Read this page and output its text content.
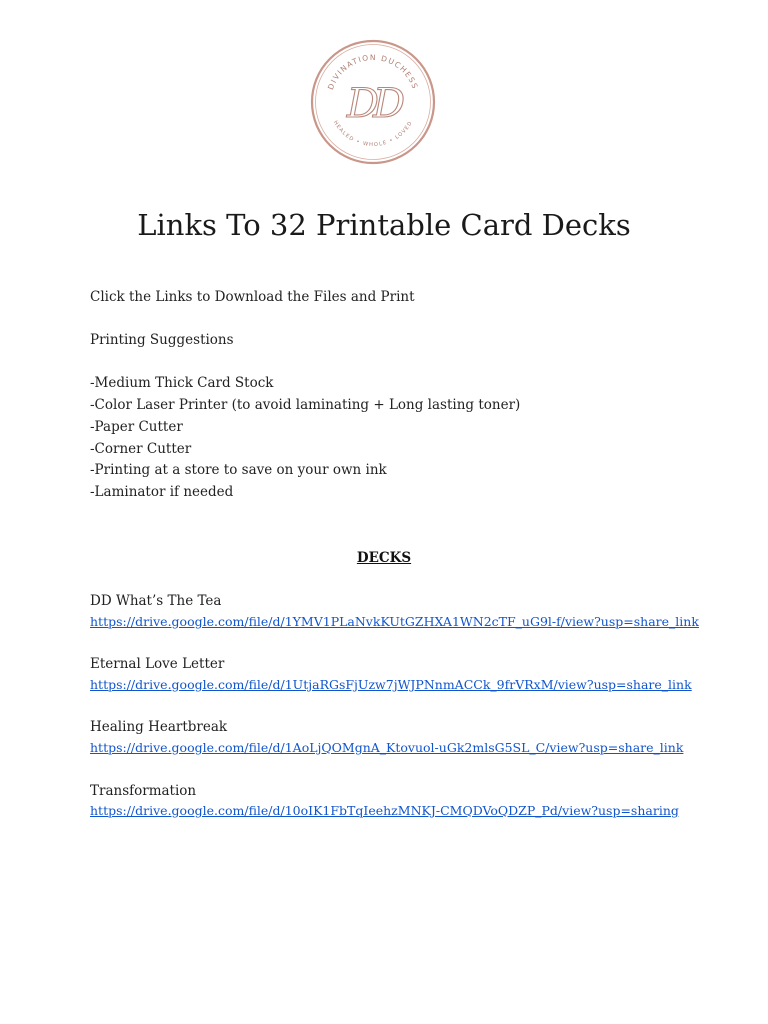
DIVINATION DUCHESS
HEALED • WHOLE • LOVED
DD
Links To 32 Printable Card Decks

Click the Links to Download the Files and Print

Printing Suggestions

-Medium Thick Card Stock

-Color Laser Printer (to avoid laminating + Long lasting toner)

-Paper Cutter

-Corner Cutter

-Printing at a store to save on your own ink

-Laminator if needed

DECKS

DD What’s The Tea

https://drive.google.com/file/d/1YMV1PLaNvkKUtGZHXA1WN2cTF_uG9l-f/view?usp=share_link

Eternal Love Letter

https://drive.google.com/file/d/1UtjaRGsFjUzw7jWJPNnmACCk_9frVRxM/view?usp=share_link

Healing Heartbreak

https://drive.google.com/file/d/1AoLjQOMgnA_Ktovuol-uGk2mlsG5SL_C/view?usp=share_link

Transformation

https://drive.google.com/file/d/10oIK1FbTqIeehzMNKJ-CMQDVoQDZP_Pd/view?usp=sharing
